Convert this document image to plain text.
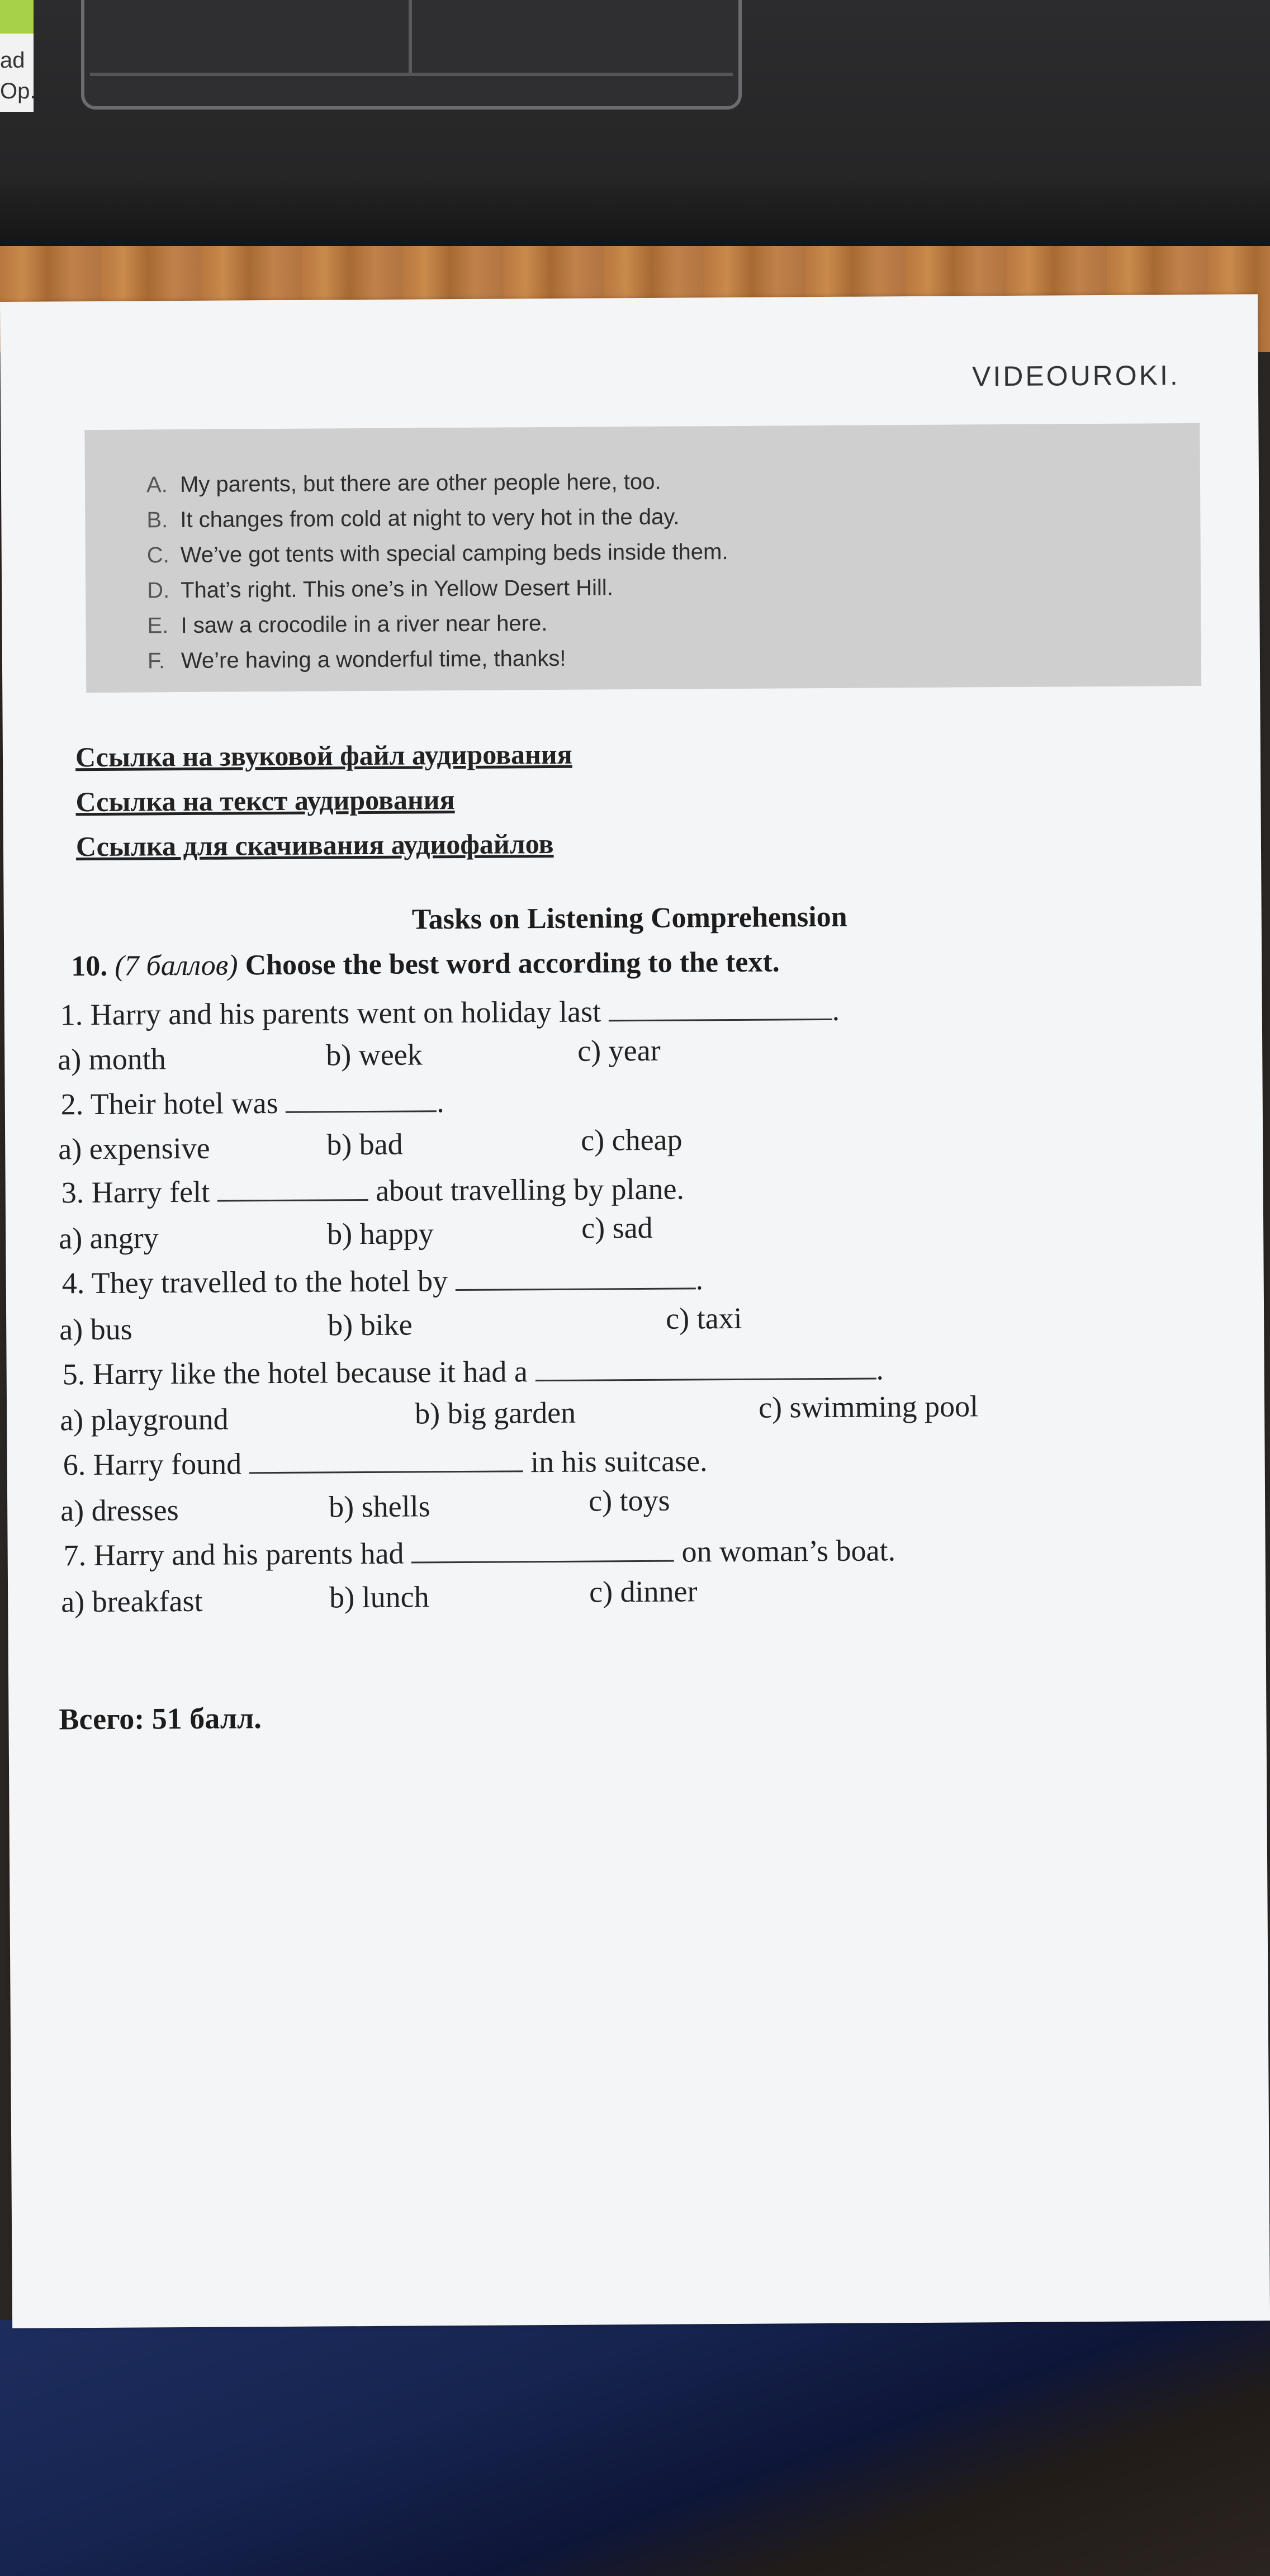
ad
Op.
VIDEOUROKI.
A. My parents, but there are other people here, too.
B. It changes from cold at night to very hot in the day.
C. We’ve got tents with special camping beds inside them.
D. That’s right. This one’s in Yellow Desert Hill.
E. I saw a crocodile in a river near here.
F. We’re having a wonderful time, thanks!
Ссылка на звуковой файл аудирования
Ссылка на текст аудирования
Ссылка для скачивания аудиофайлов
Tasks on Listening Comprehension
10. (7 баллов) Choose the best word according to the text.
1. Harry and his parents went on holiday last	.
a) month	b) week	c) year
2. Their hotel was	.
a) expensive	b) bad	c) cheap
3. Harry felt	about travelling by plane.
a) angry	b) happy	c) sad
4. They travelled to the hotel by	.
a) bus	b) bike	c) taxi
5. Harry like the hotel because it had a	.
a) playground	b) big garden	c) swimming pool
6. Harry found	in his suitcase.
a) dresses	b) shells	c) toys
7. Harry and his parents had	on woman’s boat.
a) breakfast	b) lunch	c) dinner
Всего: 51 балл.
